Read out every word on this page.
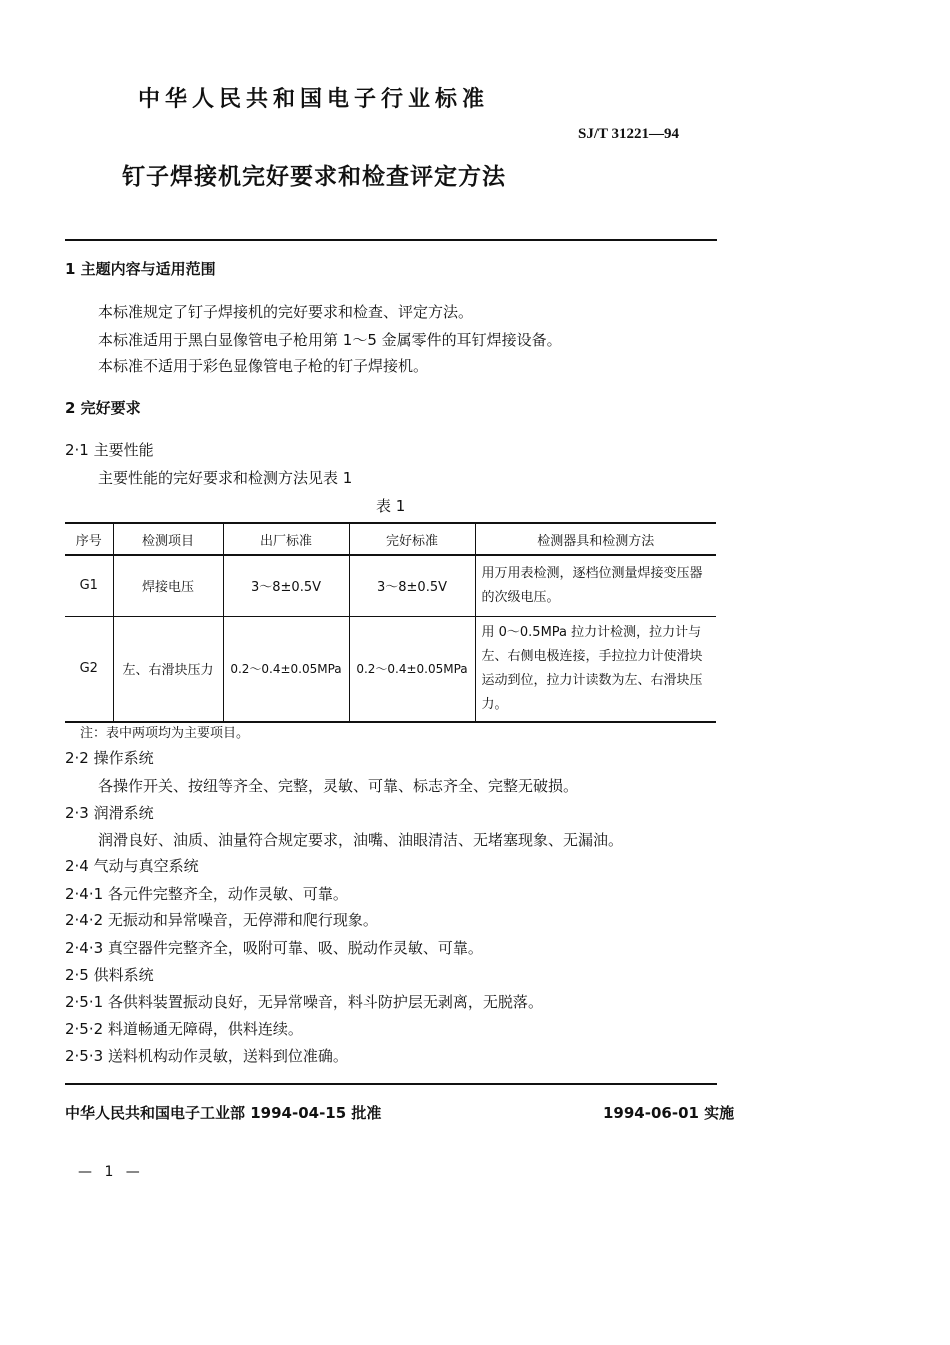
中华人民共和国电子行业标准
SJ/T 31221—94
钉子焊接机完好要求和检查评定方法
1 主题内容与适用范围
本标准规定了钉子焊接机的完好要求和检查、评定方法。
本标准适用于黑白显像管电子枪用第 1～5 金属零件的耳钉焊接设备。
本标准不适用于彩色显像管电子枪的钉子焊接机。
2 完好要求
2·1 主要性能
主要性能的完好要求和检测方法见表 1
表 1
序号	检测项目	出厂标准	完好标准	检测器具和检测方法
G1	焊接电压	3～8±0.5V	3～8±0.5V	用万用表检测，逐档位测量焊接变压器的次级电压。
G2	左、右滑块压力	0.2～0.4±0.05MPa	0.2～0.4±0.05MPa	用 0～0.5MPa 拉力计检测，拉力计与左、右侧电极连接，手拉拉力计使滑块运动到位，拉力计读数为左、右滑块压力。
注：表中两项均为主要项目。
2·2 操作系统
各操作开关、按纽等齐全、完整，灵敏、可靠、标志齐全、完整无破损。
2·3 润滑系统
润滑良好、油质、油量符合规定要求，油嘴、油眼清洁、无堵塞现象、无漏油。
2·4 气动与真空系统
2·4·1 各元件完整齐全，动作灵敏、可靠。
2·4·2 无振动和异常噪音，无停滞和爬行现象。
2·4·3 真空器件完整齐全，吸附可靠、吸、脱动作灵敏、可靠。
2·5 供料系统
2·5·1 各供料装置振动良好，无异常噪音，料斗防护层无剥离，无脱落。
2·5·2 料道畅通无障碍，供料连续。
2·5·3 送料机构动作灵敏，送料到位准确。
中华人民共和国电子工业部 1994-04-15 批准	1994-06-01 实施
— 1 —
